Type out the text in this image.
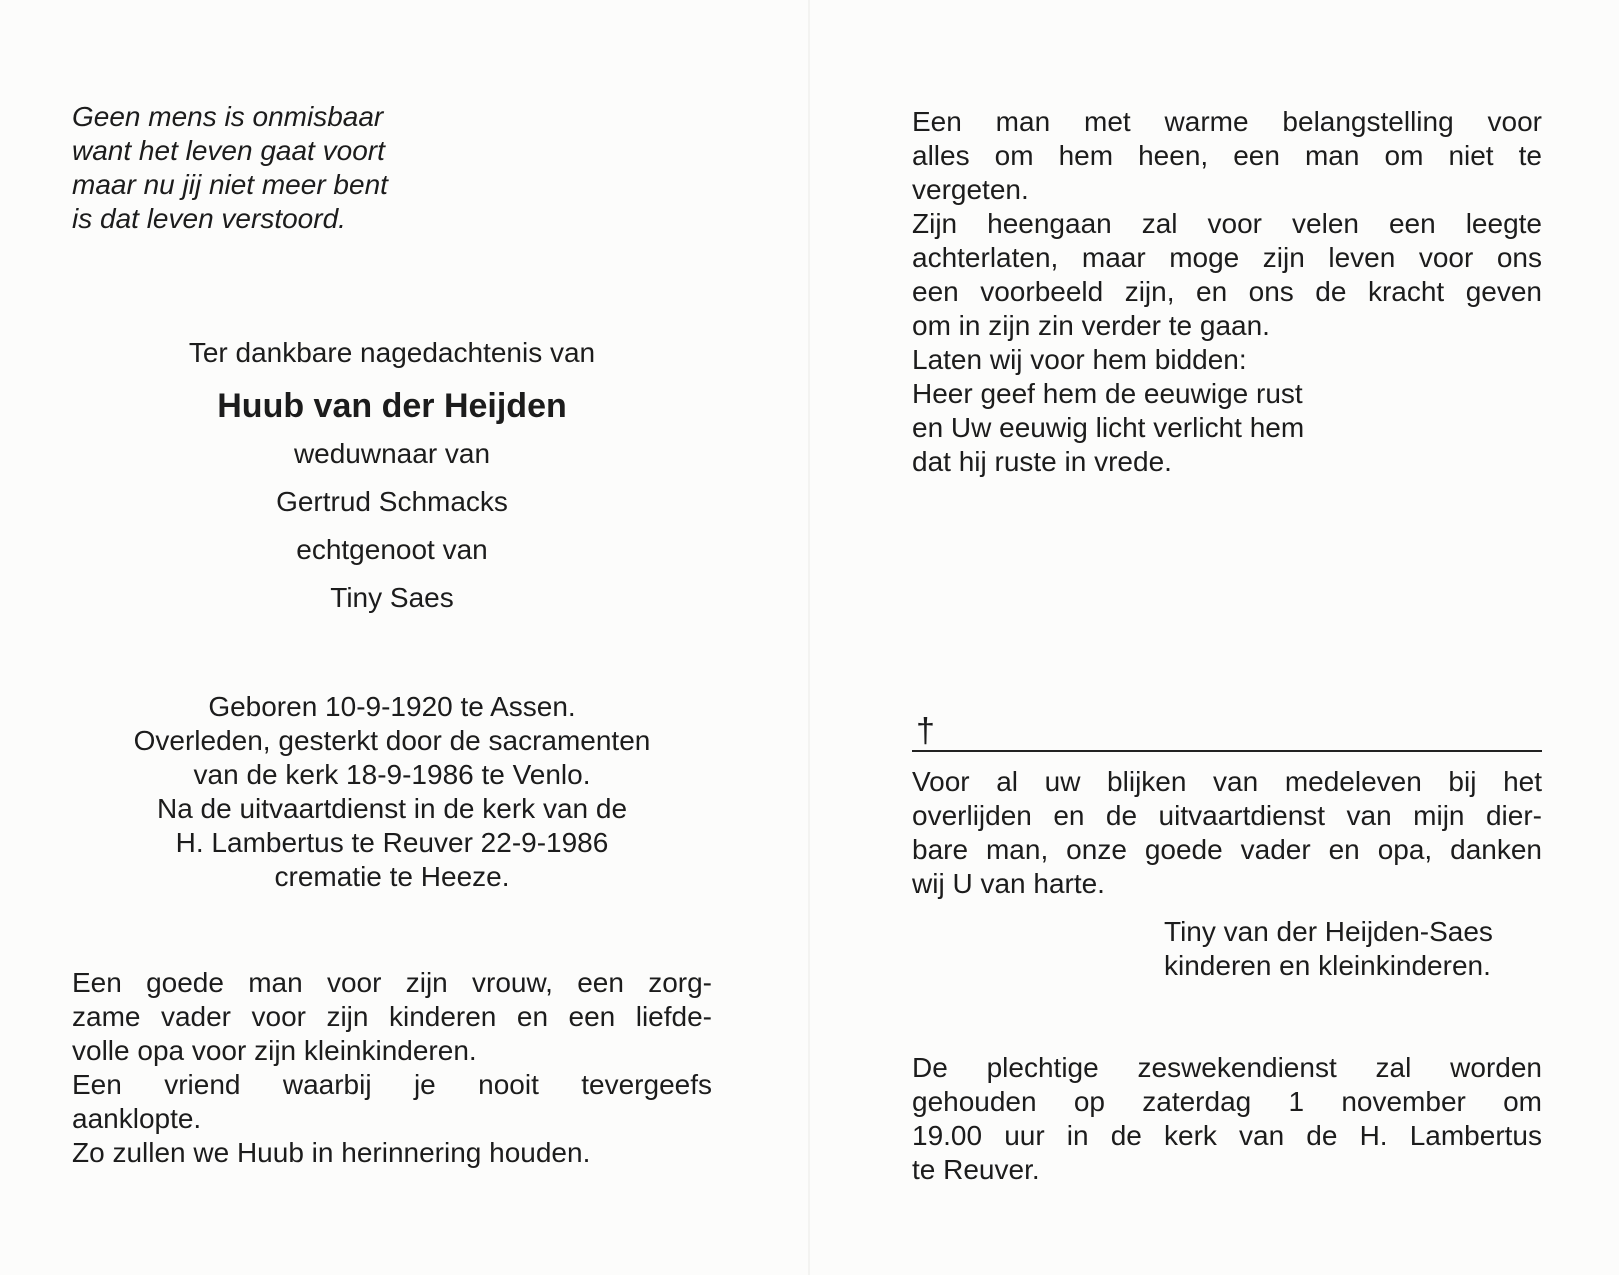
Geen mens is onmisbaar
want het leven gaat voort
maar nu jij niet meer bent
is dat leven verstoord.
Ter dankbare nagedachtenis van
Huub van der Heijden
weduwnaar van
Gertrud Schmacks
echtgenoot van
Tiny Saes
Geboren 10-9-1920 te Assen.
Overleden, gesterkt door de sacramenten
van de kerk 18-9-1986 te Venlo.
Na de uitvaartdienst in de kerk van de
H. Lambertus te Reuver 22-9-1986
crematie te Heeze.
Een goede man voor zijn vrouw, een zorg-
zame vader voor zijn kinderen en een liefde-
volle opa voor zijn kleinkinderen.
Een vriend waarbij je nooit tevergeefs
aanklopte.
Zo zullen we Huub in herinnering houden.
Een man met warme belangstelling voor
alles om hem heen, een man om niet te
vergeten.
Zijn heengaan zal voor velen een leegte
achterlaten, maar moge zijn leven voor ons
een voorbeeld zijn, en ons de kracht geven
om in zijn zin verder te gaan.
Laten wij voor hem bidden:
Heer geef hem de eeuwige rust
en Uw eeuwig licht verlicht hem
dat hij ruste in vrede.
†
Voor al uw blijken van medeleven bij het
overlijden en de uitvaartdienst van mijn dier-
bare man, onze goede vader en opa, danken
wij U van harte.
Tiny van der Heijden-Saes
kinderen en kleinkinderen.
De plechtige zeswekendienst zal worden
gehouden op zaterdag 1 november om
19.00 uur in de kerk van de H. Lambertus
te Reuver.
